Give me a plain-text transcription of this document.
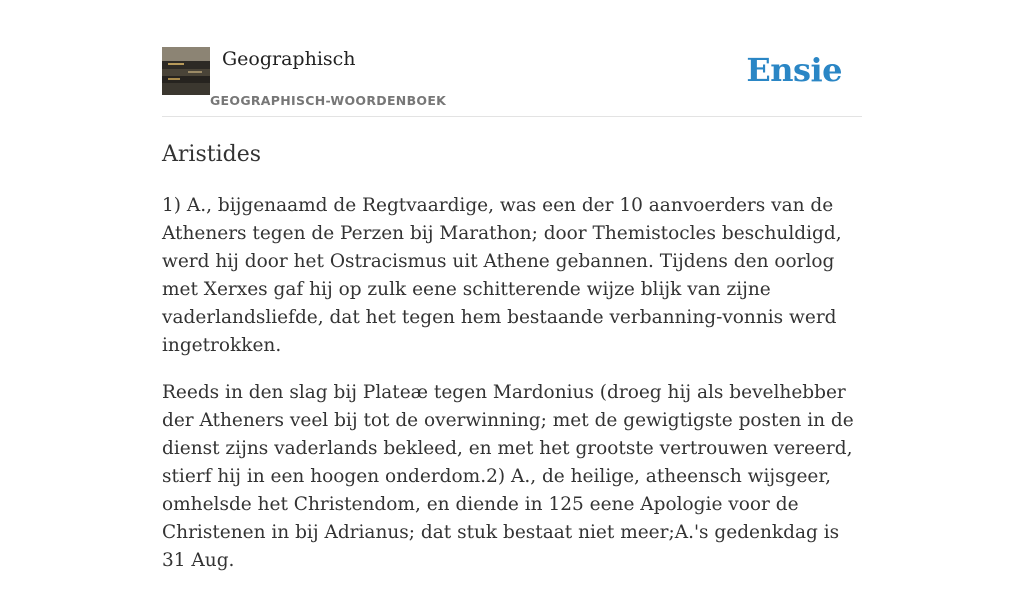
Geographisch
GEOGRAPHISCH-WOORDENBOEK
Ensie
Aristides

1) A., bijgenaamd de Regtvaardige, was een der 10 aanvoerders van de Atheners tegen de Perzen bij Marathon; door Themistocles beschuldigd, werd hij door het Ostracismus uit Athene gebannen. Tijdens den oorlog met Xerxes gaf hij op zulk eene schitterende wijze blijk van zijne vaderlandsliefde, dat het tegen hem bestaande verbanning-vonnis werd ingetrokken.

Reeds in den slag bij Plateæ tegen Mardonius (droeg hij als bevelhebber der Atheners veel bij tot de overwinning; met de gewigtigste posten in de dienst zijns vaderlands bekleed, en met het grootste vertrouwen vereerd, stierf hij in een hoogen onderdom.2) A., de heilige, atheensch wijsgeer, omhelsde het Christendom, en diende in 125 eene Apologie voor de Christenen in bij Adrianus; dat stuk bestaat niet meer;A.'s gedenkdag is 31 Aug.
